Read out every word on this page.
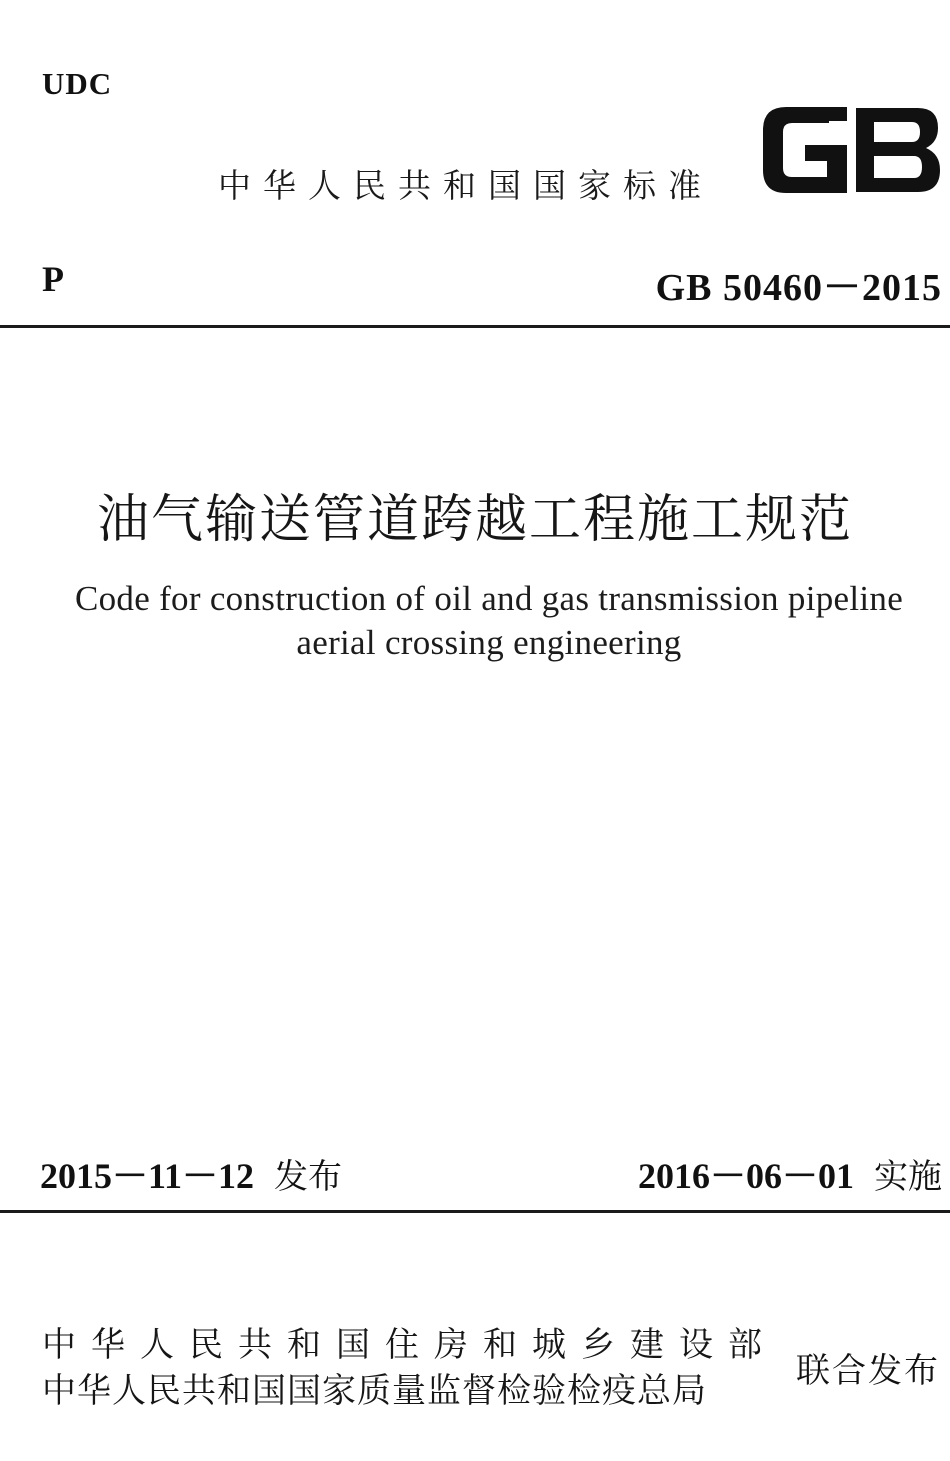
UDC
中华人民共和国国家标准
P	GB 50460－2015
油气输送管道跨越工程施工规范
Code for construction of oil and gas transmission pipeline
aerial crossing engineering
2015－11－12 发布	2016－06－01 实施
中华人民共和国住房和城乡建设部
中华人民共和国国家质量监督检验检疫总局	联合发布
